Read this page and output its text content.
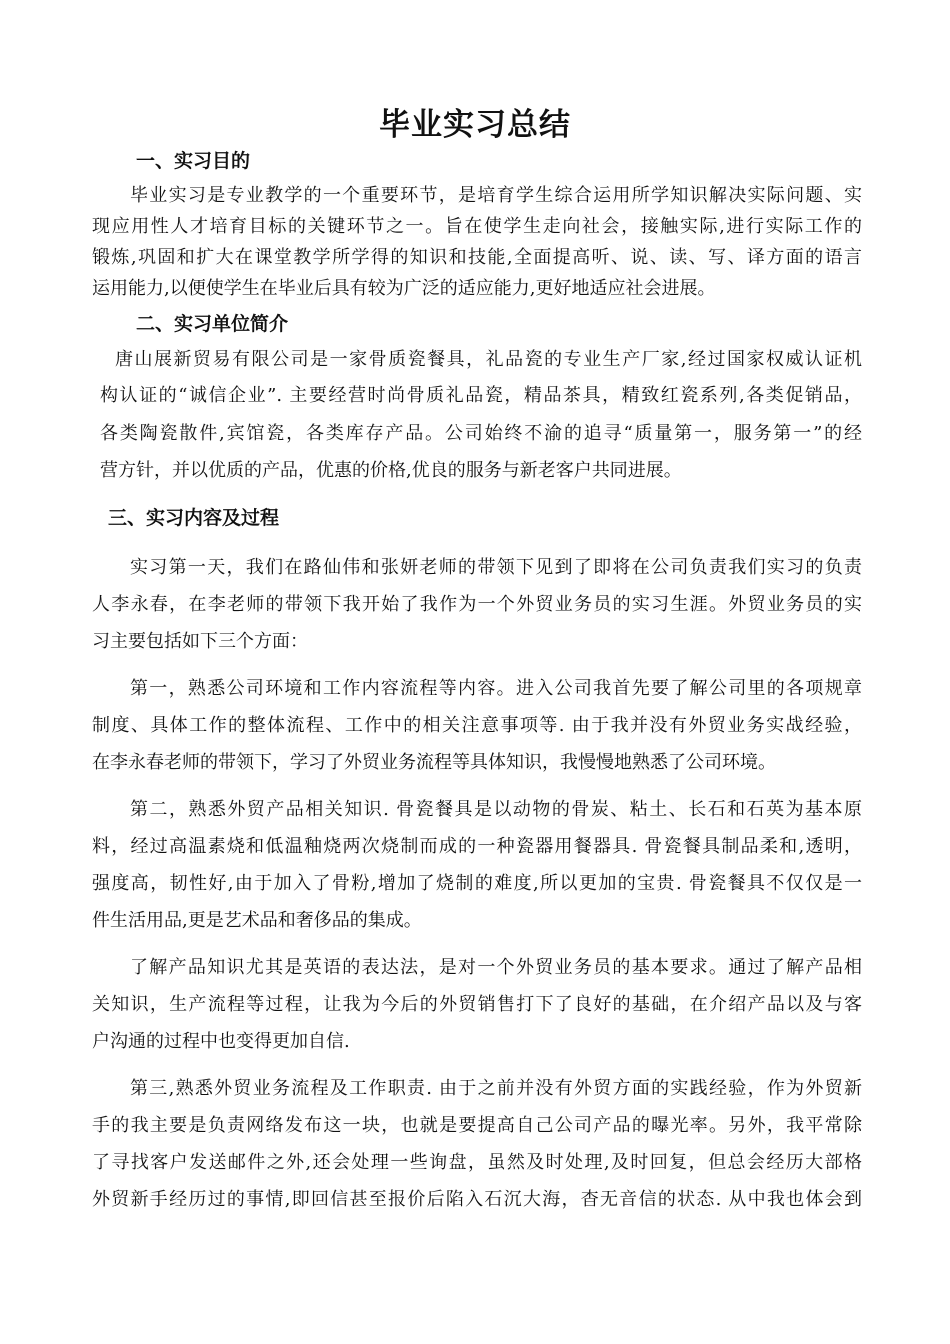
毕业实习总结
一、实习目的
毕业实习是专业教学的一个重要环节，是培育学生综合运用所学知识解决实际问题、实
现应用性人才培育目标的关键环节之一。旨在使学生走向社会，接触实际,进行实际工作的
锻炼,巩固和扩大在课堂教学所学得的知识和技能,全面提高听、说、读、写、译方面的语言
运用能力,以便使学生在毕业后具有较为广泛的适应能力,更好地适应社会进展。
二、实习单位简介
唐山展新贸易有限公司是一家骨质瓷餐具，礼品瓷的专业生产厂家,经过国家权威认证机
构认证的“诚信企业”. 主要经营时尚骨质礼品瓷，精品茶具，精致红瓷系列,各类促销品，
各类陶瓷散件,宾馆瓷，各类库存产品。公司始终不渝的追寻“质量第一，服务第一”的经
营方针，并以优质的产品，优惠的价格,优良的服务与新老客户共同进展。
三、实习内容及过程
实习第一天，我们在路仙伟和张妍老师的带领下见到了即将在公司负责我们实习的负责
人李永春，在李老师的带领下我开始了我作为一个外贸业务员的实习生涯。外贸业务员的实
习主要包括如下三个方面：
第一，熟悉公司环境和工作内容流程等内容。进入公司我首先要了解公司里的各项规章
制度、具体工作的整体流程、工作中的相关注意事项等. 由于我并没有外贸业务实战经验，
在李永春老师的带领下，学习了外贸业务流程等具体知识，我慢慢地熟悉了公司环境。
第二，熟悉外贸产品相关知识. 骨瓷餐具是以动物的骨炭、粘土、长石和石英为基本原
料，经过高温素烧和低温釉烧两次烧制而成的一种瓷器用餐器具. 骨瓷餐具制品柔和,透明，
强度高，韧性好,由于加入了骨粉,增加了烧制的难度,所以更加的宝贵. 骨瓷餐具不仅仅是一
件生活用品,更是艺术品和奢侈品的集成。
了解产品知识尤其是英语的表达法，是对一个外贸业务员的基本要求。通过了解产品相
关知识，生产流程等过程，让我为今后的外贸销售打下了良好的基础，在介绍产品以及与客
户沟通的过程中也变得更加自信.
第三,熟悉外贸业务流程及工作职责. 由于之前并没有外贸方面的实践经验，作为外贸新
手的我主要是负责网络发布这一块，也就是要提高自己公司产品的曝光率。另外，我平常除
了寻找客户发送邮件之外,还会处理一些询盘，虽然及时处理,及时回复，但总会经历大部格
外贸新手经历过的事情,即回信甚至报价后陷入石沉大海，杳无音信的状态. 从中我也体会到
